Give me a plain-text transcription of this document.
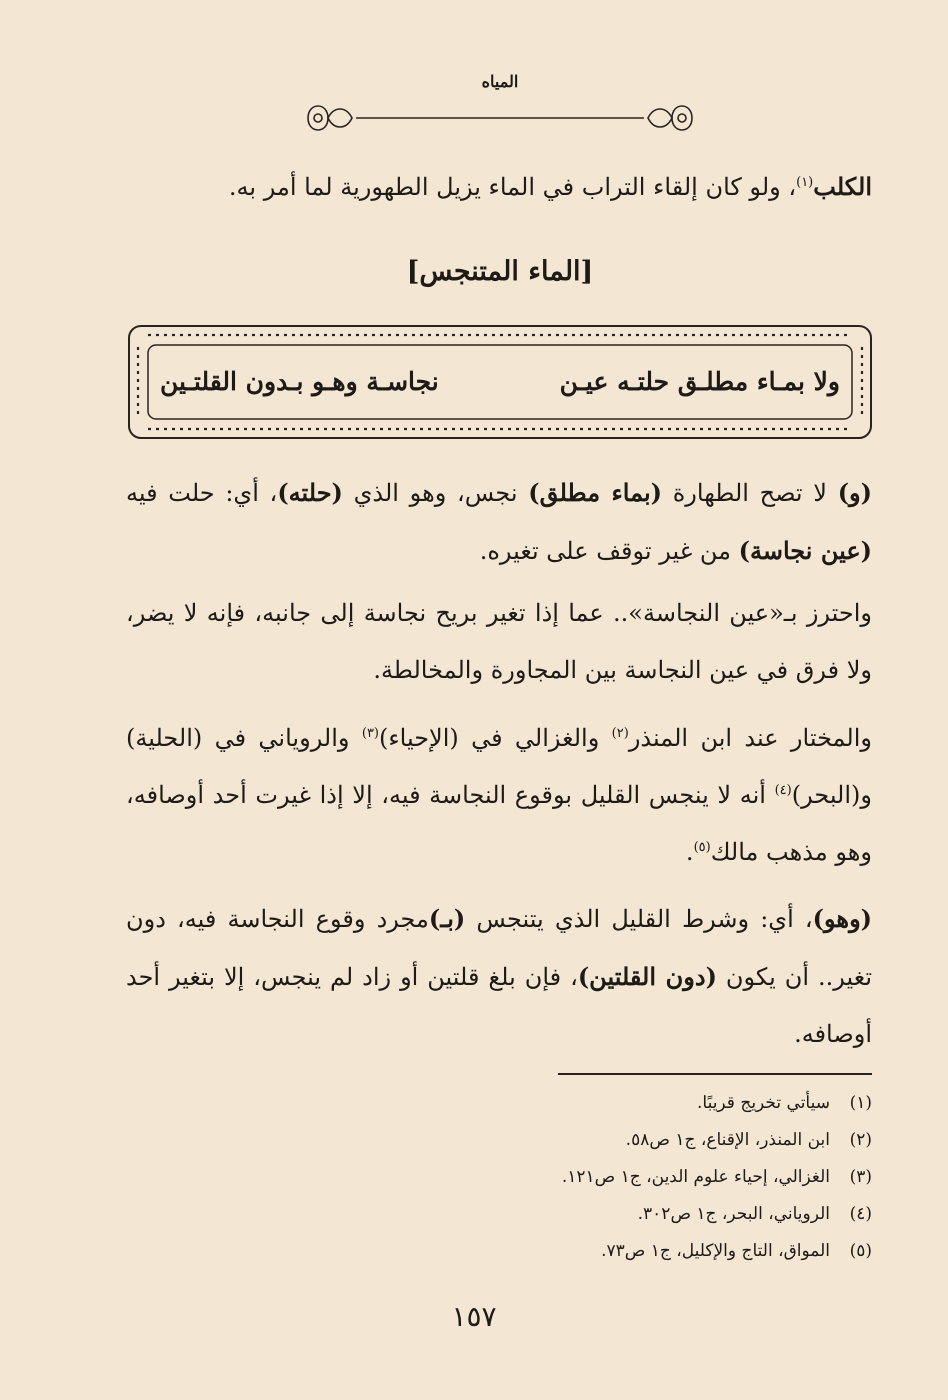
المياه
الكلب$^{(١)}$، ولو كان إلقاء التراب في الماء يزيل الطهورية لما أمر به.
[الماء المتنجس]
ولا بمـاء مطلـق حلتـه عيـن
نجاسـة وهـو بـدون القلتـين
(و) لا تصح الطهارة (بماء مطلق) نجس، وهو الذي (حلته)، أي: حلت فيه (عين نجاسة) من غير توقف على تغيره.
واحترز بـ«عين النجاسة».. عما إذا تغير بريح نجاسة إلى جانبه، فإنه لا يضر، ولا فرق في عين النجاسة بين المجاورة والمخالطة.
والمختار عند ابن المنذر$^{(٢)}$ والغزالي في (الإحياء)$^{(٣)}$ والروياني في (الحلية) و(البحر)$^{(٤)}$ أنه لا ينجس القليل بوقوع النجاسة فيه، إلا إذا غيرت أحد أوصافه، وهو مذهب مالك$^{(٥)}$.
(وهو)، أي: وشرط القليل الذي يتنجس (بـ)مجرد وقوع النجاسة فيه، دون تغير.. أن يكون (دون القلتين)، فإن بلغ قلتين أو زاد لم ينجس، إلا بتغير أحد أوصافه.
(١)
سيأتي تخريج قريبًا.
(٢)
ابن المنذر، الإقناع، ج١ ص٥٨.
(٣)
الغزالي، إحياء علوم الدين، ج١ ص١٢١.
(٤)
الروياني، البحر، ج١ ص٣٠٢.
(٥)
المواق، التاج والإكليل، ج١ ص٧٣.
١٥٧
